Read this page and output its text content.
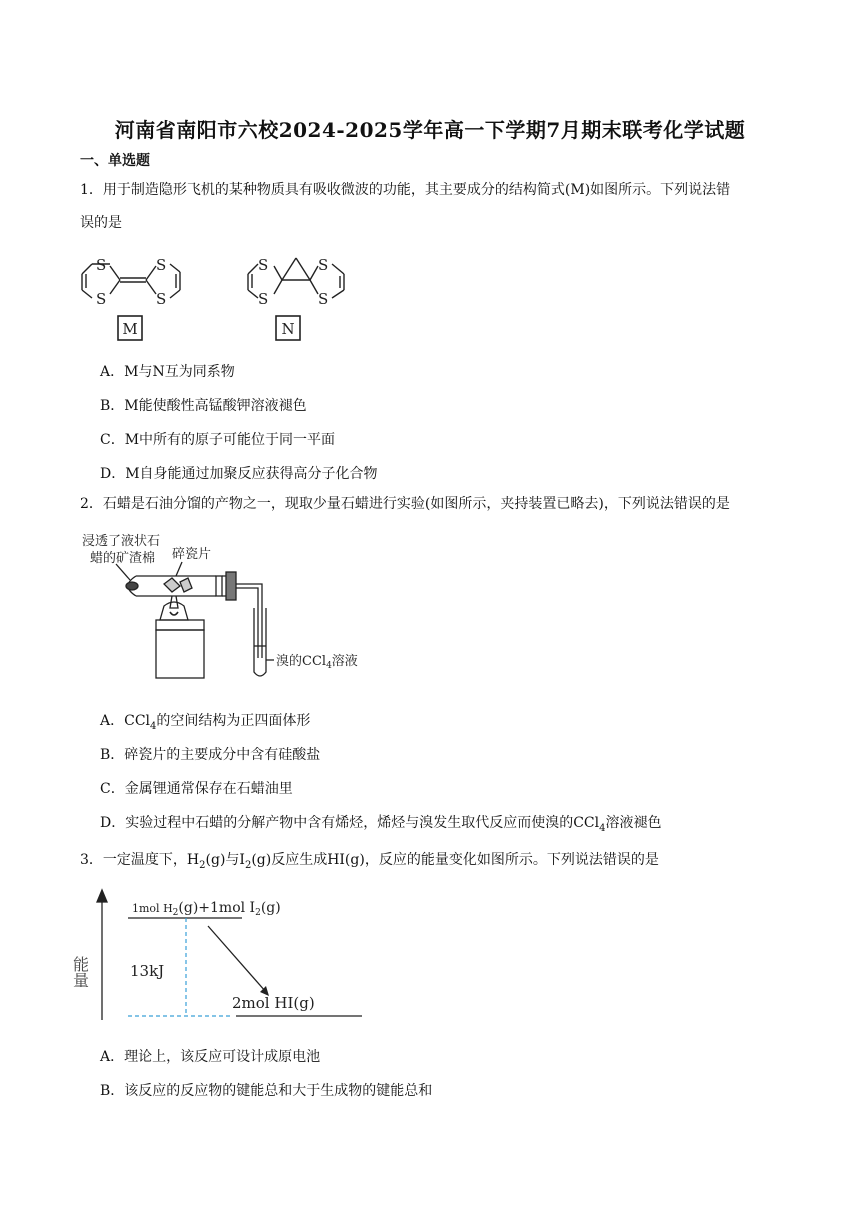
河南省南阳市六校2024-2025学年高一下学期7月期末联考化学试题
一、单选题
1．用于制造隐形飞机的某种物质具有吸收微波的功能，其主要成分的结构简式(M)如图所示。下列说法错
误的是
S
S
S
S
S
S
S
S
M	N
A．M与N互为同系物
B．M能使酸性高锰酸钾溶液褪色
C．M中所有的原子可能位于同一平面
D．M自身能通过加聚反应获得高分子化合物
2．石蜡是石油分馏的产物之一，现取少量石蜡进行实验(如图所示，夹持装置已略去)，下列说法错误的是
浸透了液状石
蜡的矿渣棉 碎瓷片
溴的CCl$_4$溶液
A．CCl$_4$的空间结构为正四面体形
B．碎瓷片的主要成分中含有硅酸盐
C．金属锂通常保存在石蜡油里
D．实验过程中石蜡的分解产物中含有烯烃，烯烃与溴发生取代反应而使溴的CCl$_4$溶液褪色
3．一定温度下，$H_2(g)$与$I_2(g)$反应生成HI(g)，反应的能量变化如图所示。下列说法错误的是
能量
1mol $H_2(g)+1mol$ $I_2(g)$
13kJ
2mol HI(g)
A．理论上，该反应可设计成原电池
B．该反应的反应物的键能总和大于生成物的键能总和
